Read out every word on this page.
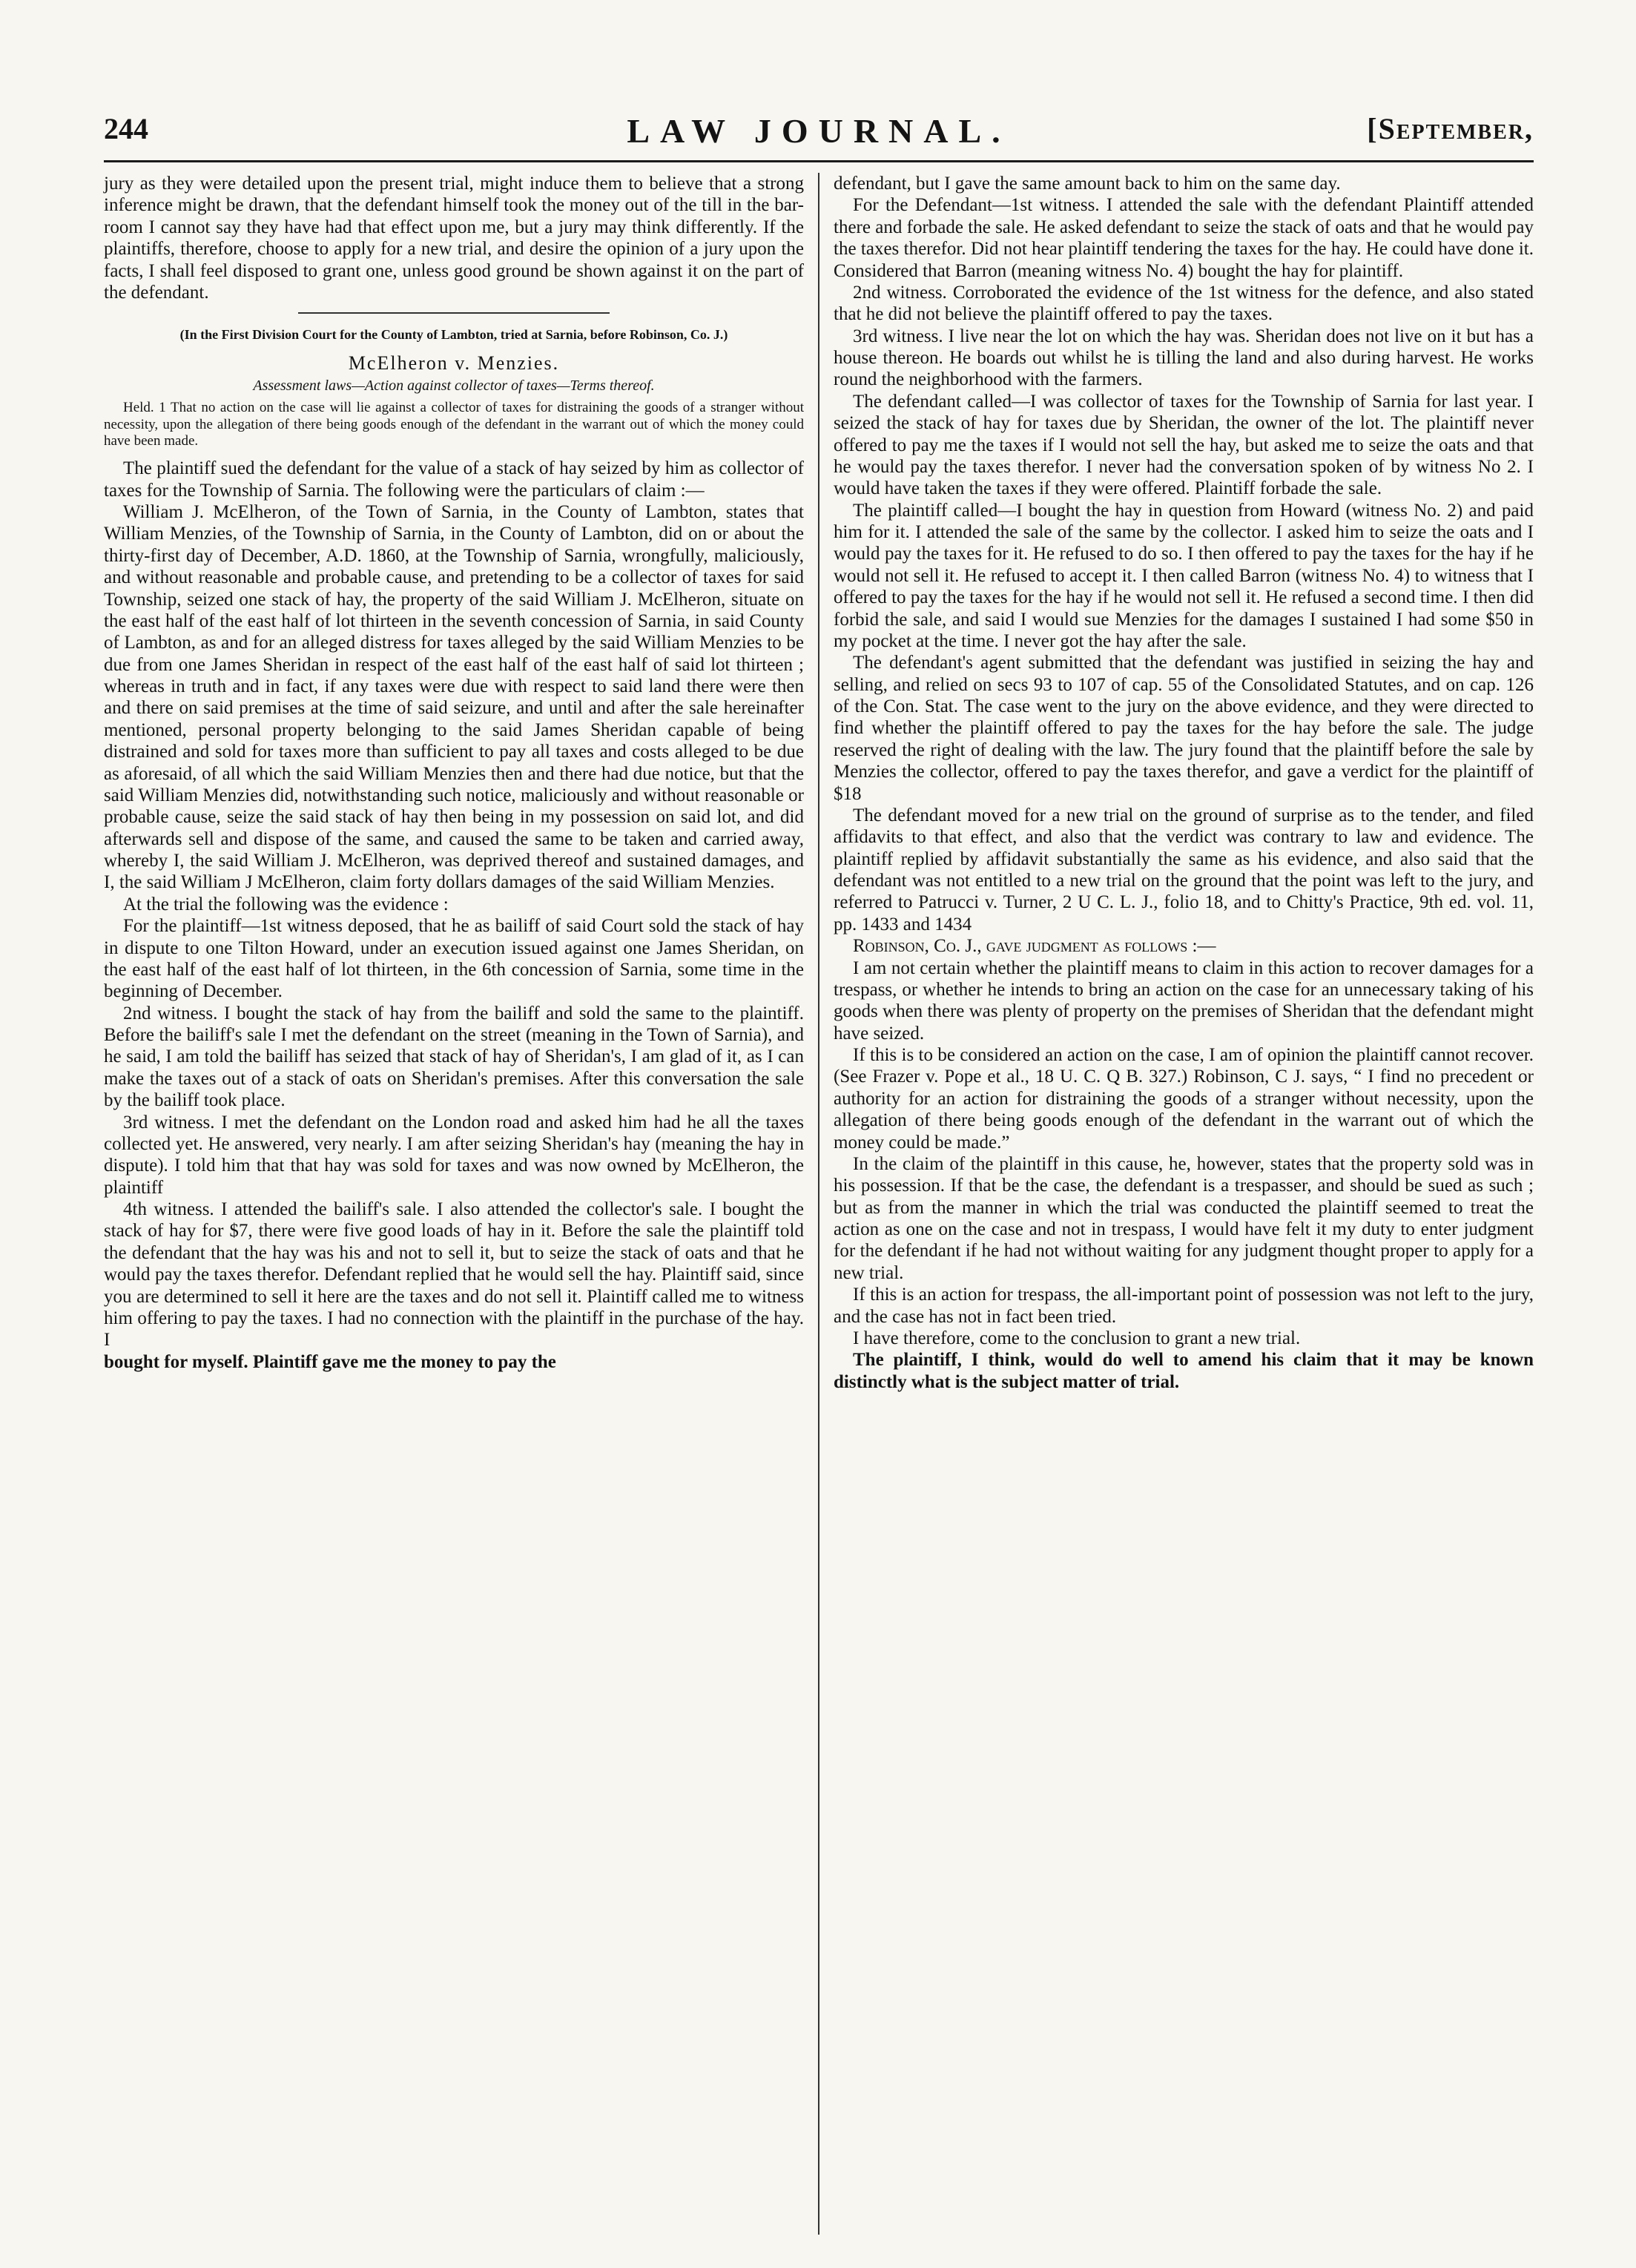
244	LAW JOURNAL.	[September,

jury as they were detailed upon the present trial, might induce them to believe that a strong inference might be drawn, that the defendant himself took the money out of the till in the bar-room I cannot say they have had that effect upon me, but a jury may think differently. If the plaintiffs, therefore, choose to apply for a new trial, and desire the opinion of a jury upon the facts, I shall feel disposed to grant one, unless good ground be shown against it on the part of the defendant.

(In the First Division Court for the County of Lambton, tried at Sarnia, before Robinson, Co. J.)

McElheron v. Menzies.

Assessment laws—Action against collector of taxes—Terms thereof.

Held. 1 That no action on the case will lie against a collector of taxes for distraining the goods of a stranger without necessity, upon the allegation of there being goods enough of the defendant in the warrant out of which the money could have been made.

The plaintiff sued the defendant for the value of a stack of hay seized by him as collector of taxes for the Township of Sarnia. The following were the particulars of claim :—

William J. McElheron, of the Town of Sarnia, in the County of Lambton, states that William Menzies, of the Township of Sarnia, in the County of Lambton, did on or about the thirty-first day of December, A.D. 1860, at the Township of Sarnia, wrongfully, maliciously, and without reasonable and probable cause, and pretending to be a collector of taxes for said Township, seized one stack of hay, the property of the said William J. McElheron, situate on the east half of the east half of lot thirteen in the seventh concession of Sarnia, in said County of Lambton, as and for an alleged distress for taxes alleged by the said William Menzies to be due from one James Sheridan in respect of the east half of the east half of said lot thirteen ; whereas in truth and in fact, if any taxes were due with respect to said land there were then and there on said premises at the time of said seizure, and until and after the sale hereinafter mentioned, personal property belonging to the said James Sheridan capable of being distrained and sold for taxes more than sufficient to pay all taxes and costs alleged to be due as aforesaid, of all which the said William Menzies then and there had due notice, but that the said William Menzies did, notwithstanding such notice, maliciously and without reasonable or probable cause, seize the said stack of hay then being in my possession on said lot, and did afterwards sell and dispose of the same, and caused the same to be taken and carried away, whereby I, the said William J. McElheron, was deprived thereof and sustained damages, and I, the said William J McElheron, claim forty dollars damages of the said William Menzies.

At the trial the following was the evidence :

For the plaintiff—1st witness deposed, that he as bailiff of said Court sold the stack of hay in dispute to one Tilton Howard, under an execution issued against one James Sheridan, on the east half of the east half of lot thirteen, in the 6th concession of Sarnia, some time in the beginning of December.

2nd witness. I bought the stack of hay from the bailiff and sold the same to the plaintiff. Before the bailiff's sale I met the defendant on the street (meaning in the Town of Sarnia), and he said, I am told the bailiff has seized that stack of hay of Sheridan's, I am glad of it, as I can make the taxes out of a stack of oats on Sheridan's premises. After this conversation the sale by the bailiff took place.

3rd witness. I met the defendant on the London road and asked him had he all the taxes collected yet. He answered, very nearly. I am after seizing Sheridan's hay (meaning the hay in dispute). I told him that that hay was sold for taxes and was now owned by McElheron, the plaintiff

4th witness. I attended the bailiff's sale. I also attended the collector's sale. I bought the stack of hay for $7, there were five good loads of hay in it. Before the sale the plaintiff told the defendant that the hay was his and not to sell it, but to seize the stack of oats and that he would pay the taxes therefor. Defendant replied that he would sell the hay. Plaintiff said, since you are determined to sell it here are the taxes and do not sell it. Plaintiff called me to witness him offering to pay the taxes. I had no connection with the plaintiff in the purchase of the hay. I

bought for myself. Plaintiff gave me the money to pay the

defendant, but I gave the same amount back to him on the same day.

For the Defendant—1st witness. I attended the sale with the defendant Plaintiff attended there and forbade the sale. He asked defendant to seize the stack of oats and that he would pay the taxes therefor. Did not hear plaintiff tendering the taxes for the hay. He could have done it. Considered that Barron (meaning witness No. 4) bought the hay for plaintiff.

2nd witness. Corroborated the evidence of the 1st witness for the defence, and also stated that he did not believe the plaintiff offered to pay the taxes.

3rd witness. I live near the lot on which the hay was. Sheridan does not live on it but has a house thereon. He boards out whilst he is tilling the land and also during harvest. He works round the neighborhood with the farmers.

The defendant called—I was collector of taxes for the Township of Sarnia for last year. I seized the stack of hay for taxes due by Sheridan, the owner of the lot. The plaintiff never offered to pay me the taxes if I would not sell the hay, but asked me to seize the oats and that he would pay the taxes therefor. I never had the conversation spoken of by witness No 2. I would have taken the taxes if they were offered. Plaintiff forbade the sale.

The plaintiff called—I bought the hay in question from Howard (witness No. 2) and paid him for it. I attended the sale of the same by the collector. I asked him to seize the oats and I would pay the taxes for it. He refused to do so. I then offered to pay the taxes for the hay if he would not sell it. He refused to accept it. I then called Barron (witness No. 4) to witness that I offered to pay the taxes for the hay if he would not sell it. He refused a second time. I then did forbid the sale, and said I would sue Menzies for the damages I sustained I had some $50 in my pocket at the time. I never got the hay after the sale.

The defendant's agent submitted that the defendant was justified in seizing the hay and selling, and relied on secs 93 to 107 of cap. 55 of the Consolidated Statutes, and on cap. 126 of the Con. Stat. The case went to the jury on the above evidence, and they were directed to find whether the plaintiff offered to pay the taxes for the hay before the sale. The judge reserved the right of dealing with the law. The jury found that the plaintiff before the sale by Menzies the collector, offered to pay the taxes therefor, and gave a verdict for the plaintiff of $18

The defendant moved for a new trial on the ground of surprise as to the tender, and filed affidavits to that effect, and also that the verdict was contrary to law and evidence. The plaintiff replied by affidavit substantially the same as his evidence, and also said that the defendant was not entitled to a new trial on the ground that the point was left to the jury, and referred to Patrucci v. Turner, 2 U C. L. J., folio 18, and to Chitty's Practice, 9th ed. vol. 11, pp. 1433 and 1434

Robinson, Co. J., gave judgment as follows :—

I am not certain whether the plaintiff means to claim in this action to recover damages for a trespass, or whether he intends to bring an action on the case for an unnecessary taking of his goods when there was plenty of property on the premises of Sheridan that the defendant might have seized.

If this is to be considered an action on the case, I am of opinion the plaintiff cannot recover. (See Frazer v. Pope et al., 18 U. C. Q B. 327.) Robinson, C J. says, “ I find no precedent or authority for an action for distraining the goods of a stranger without necessity, upon the allegation of there being goods enough of the defendant in the warrant out of which the money could be made.”

In the claim of the plaintiff in this cause, he, however, states that the property sold was in his possession. If that be the case, the defendant is a trespasser, and should be sued as such ; but as from the manner in which the trial was conducted the plaintiff seemed to treat the action as one on the case and not in trespass, I would have felt it my duty to enter judgment for the defendant if he had not without waiting for any judgment thought proper to apply for a new trial.

If this is an action for trespass, the all-important point of possession was not left to the jury, and the case has not in fact been tried.

I have therefore, come to the conclusion to grant a new trial.

The plaintiff, I think, would do well to amend his claim that it may be known distinctly what is the subject matter of trial.
